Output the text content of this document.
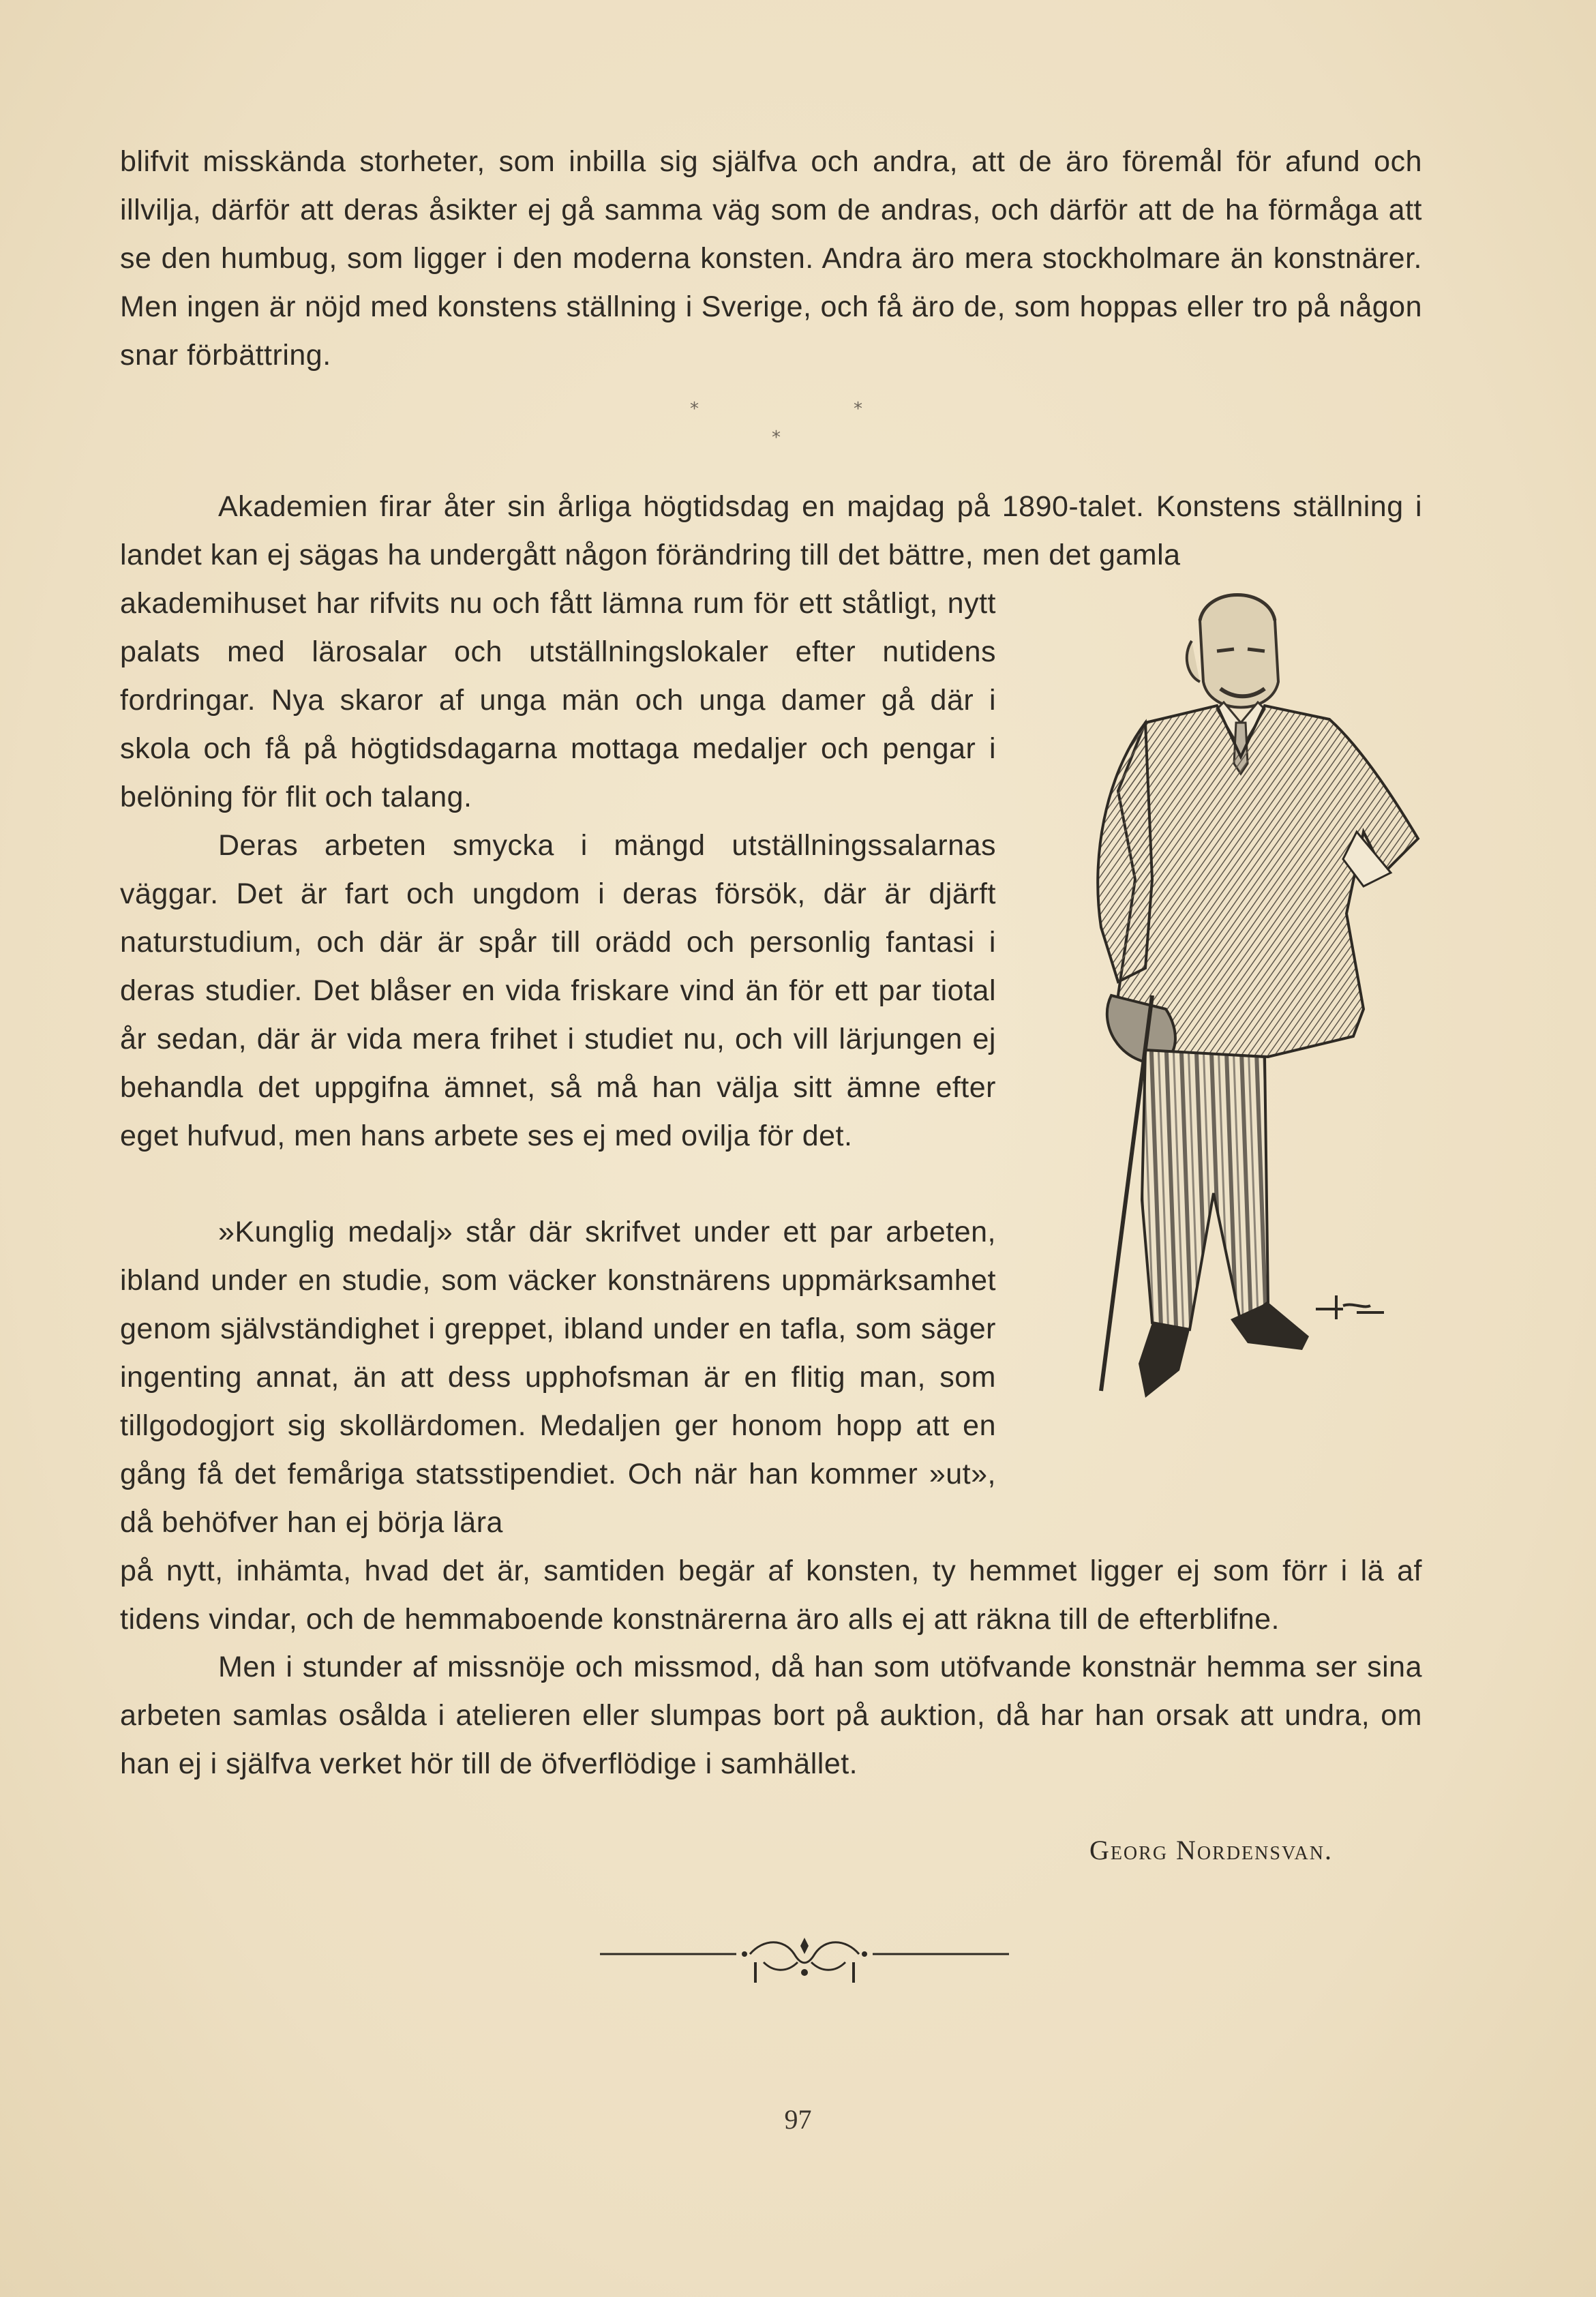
blifvit misskända storheter, som inbilla sig själfva och andra, att de äro föremål för afund och illvilja, därför att deras åsikter ej gå samma väg som de andras, och därför att de ha förmåga att se den humbug, som ligger i den moderna konsten. Andra äro mera stockholmare än konstnärer. Men ingen är nöjd med konstens ställning i Sverige, och få äro de, som hoppas eller tro på någon snar förbättring.
*	*
*
Akademien firar åter sin årliga högtidsdag en majdag på 1890-talet. Konstens ställning i landet kan ej sägas ha undergått någon förändring till det bättre, men det gamla
akademihuset har rifvits nu och fått lämna rum för ett ståtligt, nytt palats med lärosalar och utställningslokaler efter nutidens fordringar. Nya skaror af unga män och unga damer gå där i skola och få på högtidsdagarna mottaga medaljer och pengar i belöning för flit och talang.
Deras arbeten smycka i mängd utställningssalarnas väggar. Det är fart och ungdom i deras försök, där är djärft naturstudium, och där är spår till orädd och personlig fantasi i deras studier. Det blåser en vida friskare vind än för ett par tiotal år sedan, där är vida mera frihet i studiet nu, och vill lärjungen ej behandla det uppgifna ämnet, så må han välja sitt ämne efter eget hufvud, men hans arbete ses ej med ovilja för det.
»Kunglig medalj» står där skrifvet under ett par arbeten, ibland under en studie, som väcker konstnärens uppmärksamhet genom självständighet i greppet, ibland under en tafla, som säger ingenting annat, än att dess upphofsman är en flitig man, som tillgodogjort sig skollärdomen. Medaljen ger honom hopp att en gång få det femåriga statsstipendiet. Och när han kommer »ut», då behöfver han ej börja lära
på nytt, inhämta, hvad det är, samtiden begär af konsten, ty hemmet ligger ej som förr i lä af tidens vindar, och de hemmaboende konstnärerna äro alls ej att räkna till de efterblifne.
Men i stunder af missnöje och missmod, då han som utöfvande konstnär hemma ser sina arbeten samlas osålda i atelieren eller slumpas bort på auktion, då har han orsak att undra, om han ej i själfva verket hör till de öfverflödige i samhället.
Georg Nordensvan.
97
